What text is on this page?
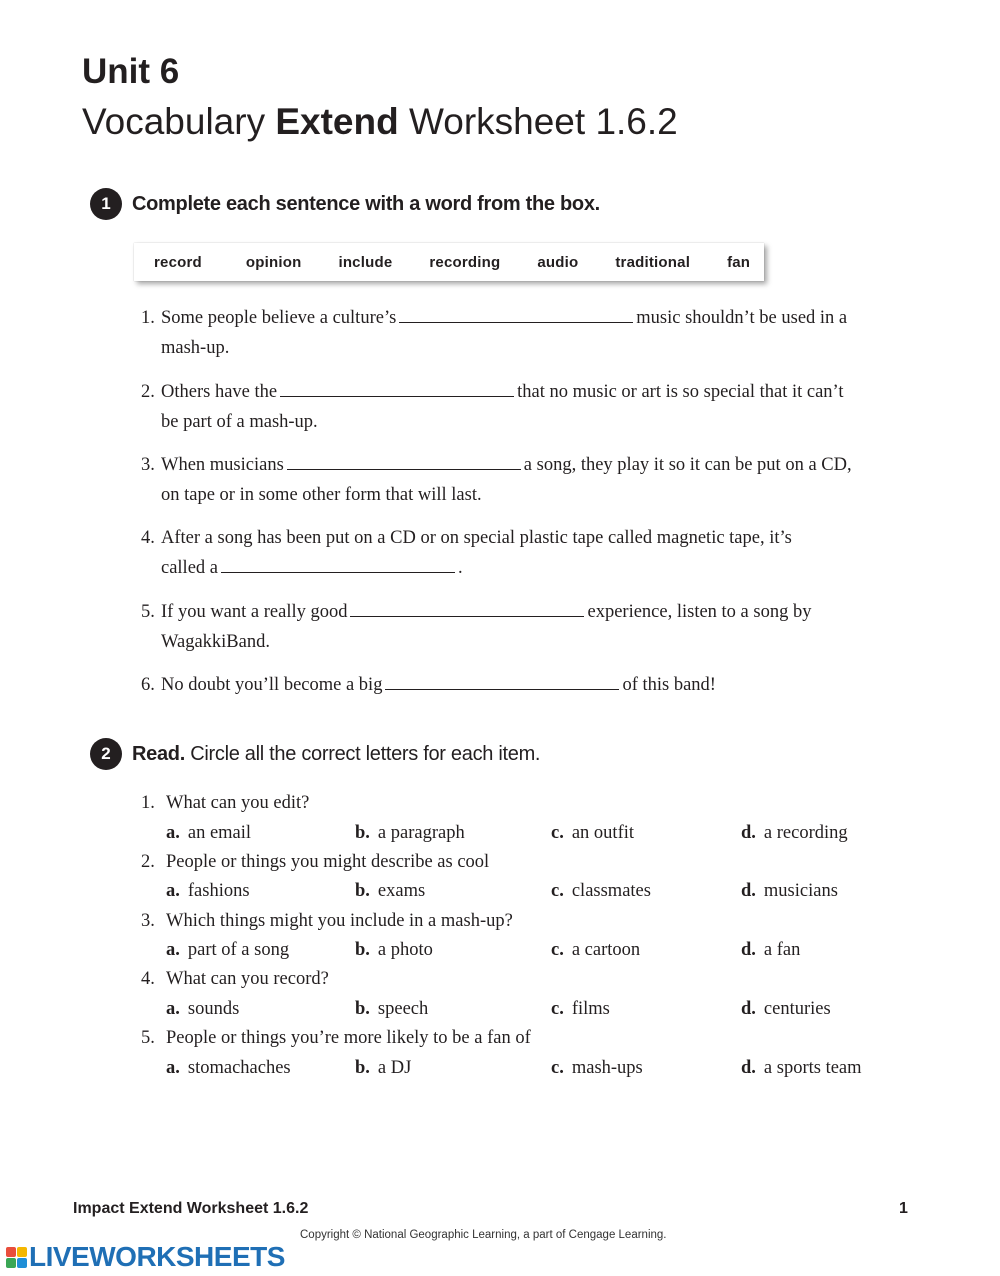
Unit 6
Vocabulary Extend Worksheet 1.6.2
1	Complete each sentence with a word from the box.
record	opinion include recording audio traditional fan
1. Some people believe a culture’s	music shouldn’t be used in a
mash-up.
2. Others have the	that no music or art is so special that it can’t
be part of a mash-up.
3. When musicians	a song, they play it so it can be put on a CD,
on tape or in some other form that will last.
4. After a song has been put on a CD or on special plastic tape called magnetic tape, it’s
called a	.
5. If you want a really good	experience, listen to a song by
WagakkiBand.
6. No doubt you’ll become a big	of this band!
2	Read. Circle all the correct letters for each item.
1. What can you edit?
a. an email	b. a paragraph	c. an outfit	d. a recording
2. People or things you might describe as cool
a. fashions	b. exams	c. classmates	d. musicians
3. Which things might you include in a mash-up?
a. part of a song	b. a photo	c. a cartoon	d. a fan
4. What can you record?
a. sounds	b. speech	c. films	d. centuries
5. People or things you’re more likely to be a fan of
a. stomachaches	b. a DJ	c. mash-ups	d. a sports team
Impact Extend Worksheet 1.6.2	1
Copyright © National Geographic Learning, a part of Cengage Learning.
LIVEWORKSHEETS
